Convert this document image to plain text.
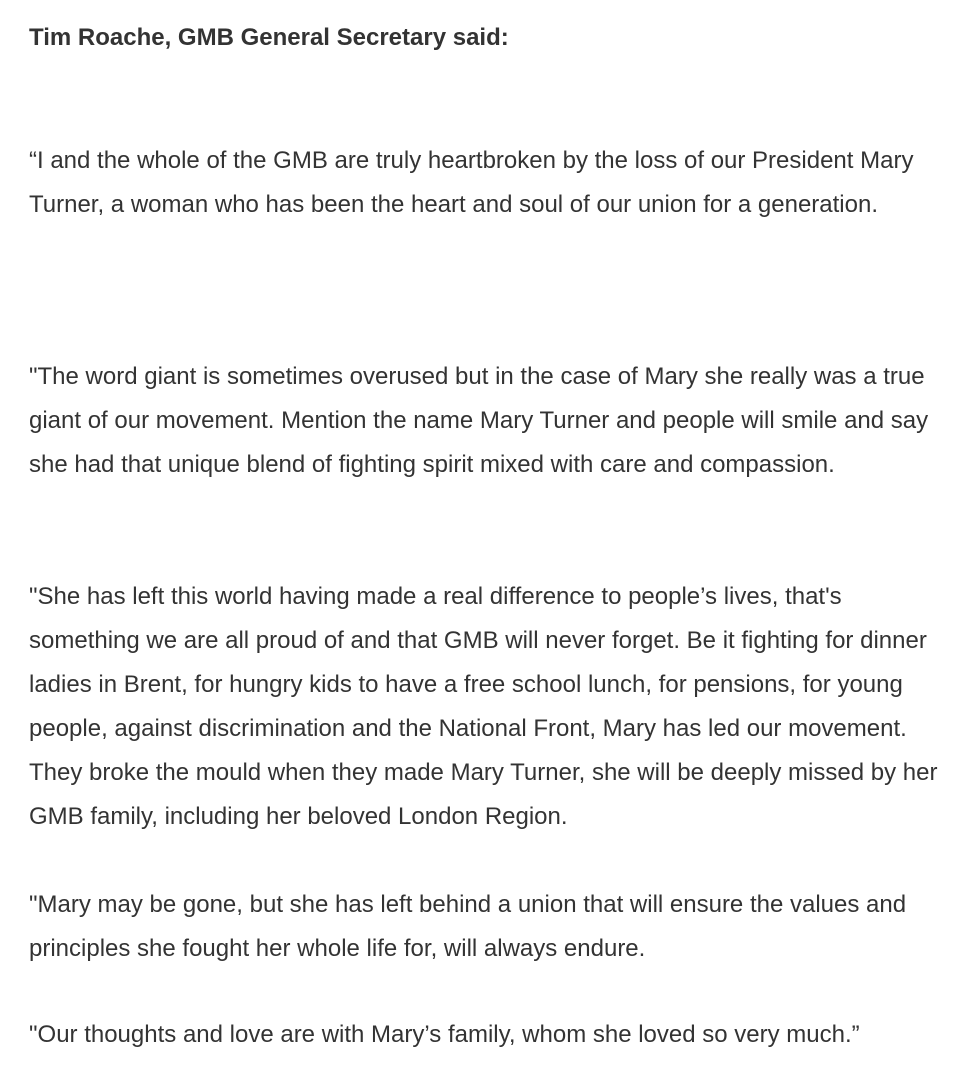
Tim Roache, GMB General Secretary said:

“I and the whole of the GMB are truly heartbroken by the loss of our President Mary Turner, a woman who has been the heart and soul of our union for a generation.

"The word giant is sometimes overused but in the case of Mary she really was a true giant of our movement. Mention the name Mary Turner and people will smile and say she had that unique blend of fighting spirit mixed with care and compassion.

"She has left this world having made a real difference to people’s lives, that's something we are all proud of and that GMB will never forget. Be it fighting for dinner ladies in Brent, for hungry kids to have a free school lunch, for pensions, for young people, against discrimination and the National Front, Mary has led our movement. They broke the mould when they made Mary Turner, she will be deeply missed by her GMB family, including her beloved London Region.

"Mary may be gone, but she has left behind a union that will ensure the values and principles she fought her whole life for, will always endure.

"Our thoughts and love are with Mary’s family, whom she loved so very much.”
